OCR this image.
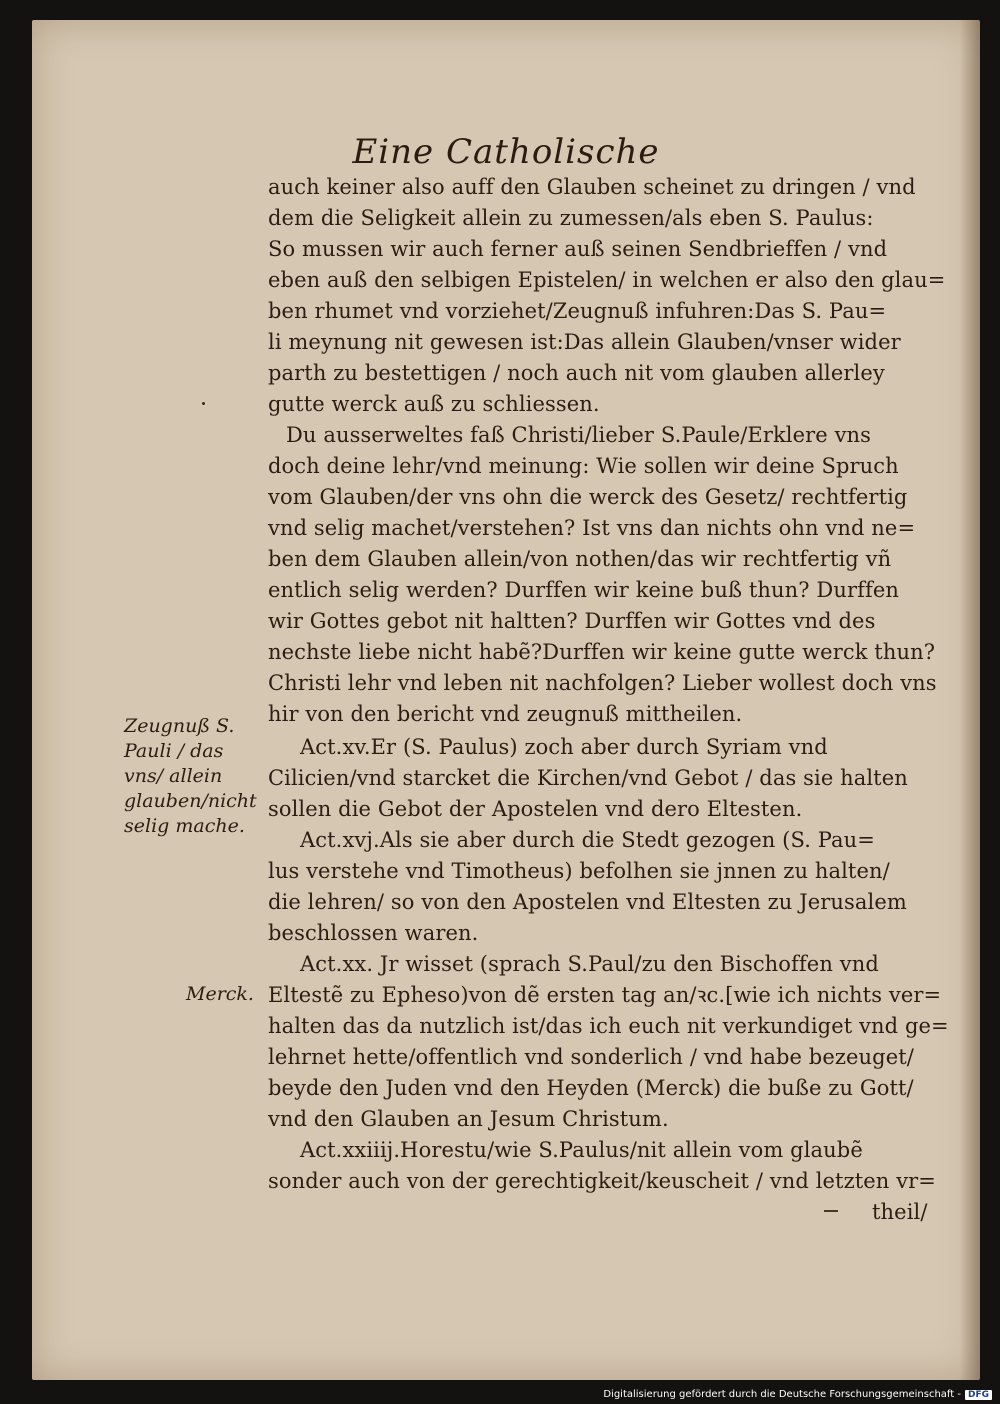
Eine Catholische
auch keiner also auff den Glauben scheinet zu dringen / vnd
dem die Seligkeit allein zu zumessen/als eben S. Paulus:
So mussen wir auch ferner auß seinen Sendbrieffen / vnd
eben auß den selbigen Epistelen/ in welchen er also den glau=
ben rhumet vnd vorziehet/Zeugnuß infuhren:Das S. Pau=
li meynung nit gewesen ist:Das allein Glauben/vnser wider
parth zu bestettigen / noch auch nit vom glauben allerley
gutte werck auß zu schliessen.
Du ausserweltes faß Christi/lieber S.Paule/Erklere vns
doch deine lehr/vnd meinung: Wie sollen wir deine Spruch
vom Glauben/der vns ohn die werck des Gesetz/ rechtfertig
vnd selig machet/verstehen? Ist vns dan nichts ohn vnd ne=
ben dem Glauben allein/von nothen/das wir rechtfertig vñ
entlich selig werden? Durffen wir keine buß thun? Durffen
wir Gottes gebot nit haltten? Durffen wir Gottes vnd des
nechste liebe nicht habẽ?Durffen wir keine gutte werck thun?
Christi lehr vnd leben nit nachfolgen? Lieber wollest doch vns
hir von den bericht vnd zeugnuß mittheilen.
Act.xv.Er (S. Paulus) zoch aber durch Syriam vnd
Cilicien/vnd starcket die Kirchen/vnd Gebot / das sie halten
sollen die Gebot der Apostelen vnd dero Eltesten.
Act.xvj.Als sie aber durch die Stedt gezogen (S. Pau=
lus verstehe vnd Timotheus) befolhen sie jnnen zu halten/
die lehren/ so von den Apostelen vnd Eltesten zu Jerusalem
beschlossen waren.
Act.xx. Jr wisset (sprach S.Paul/zu den Bischoffen vnd
Eltestẽ zu Epheso)von dẽ ersten tag an/ꝛc.[wie ich nichts ver=
halten das da nutzlich ist/das ich euch nit verkundiget vnd ge=
lehrnet hette/offentlich vnd sonderlich / vnd habe bezeuget/
beyde den Juden vnd den Heyden (Merck) die buße zu Gott/
vnd den Glauben an Jesum Christum.
Act.xxiiij.Horestu/wie S.Paulus/nit allein vom glaubẽ
sonder auch von der gerechtigkeit/keuscheit / vnd letzten vr=
theil/
Zeugnuß S.
Pauli / das
vns/ allein
glauben/nicht
selig mache.
Merck.
Digitalisierung gefördert durch die Deutsche Forschungsgemeinschaft - DFG
